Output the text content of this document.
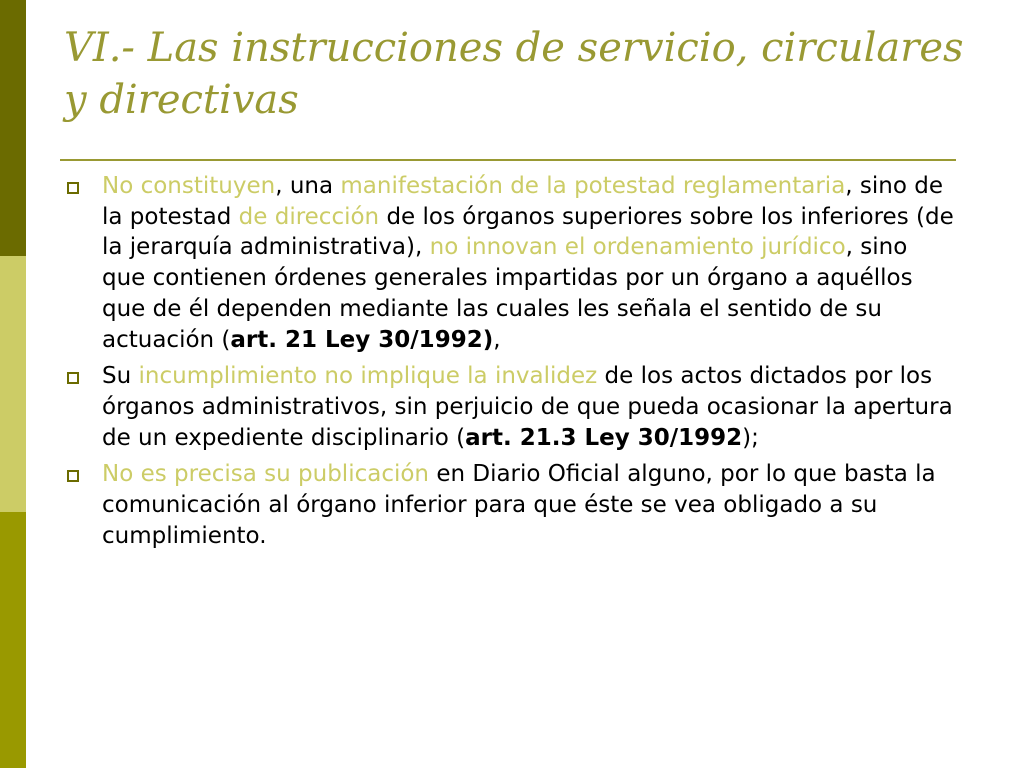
VI.- Las instrucciones de servicio, circulares y directivas
No constituyen, una manifestación de la potestad reglamentaria, sino de la potestad de dirección de los órganos superiores sobre los inferiores (de la jerarquía administrativa), no innovan el ordenamiento jurídico, sino que contienen órdenes generales impartidas por un órgano a aquéllos que de él dependen mediante las cuales les señala el sentido de su actuación (art. 21 Ley 30/1992),
Su incumplimiento no implique la invalidez de los actos dictados por los órganos administrativos, sin perjuicio de que pueda ocasionar la apertura de un expediente disciplinario (art. 21.3 Ley 30/1992);
No es precisa su publicación en Diario Oficial alguno, por lo que basta la comunicación al órgano inferior para que éste se vea obligado a su cumplimiento.
